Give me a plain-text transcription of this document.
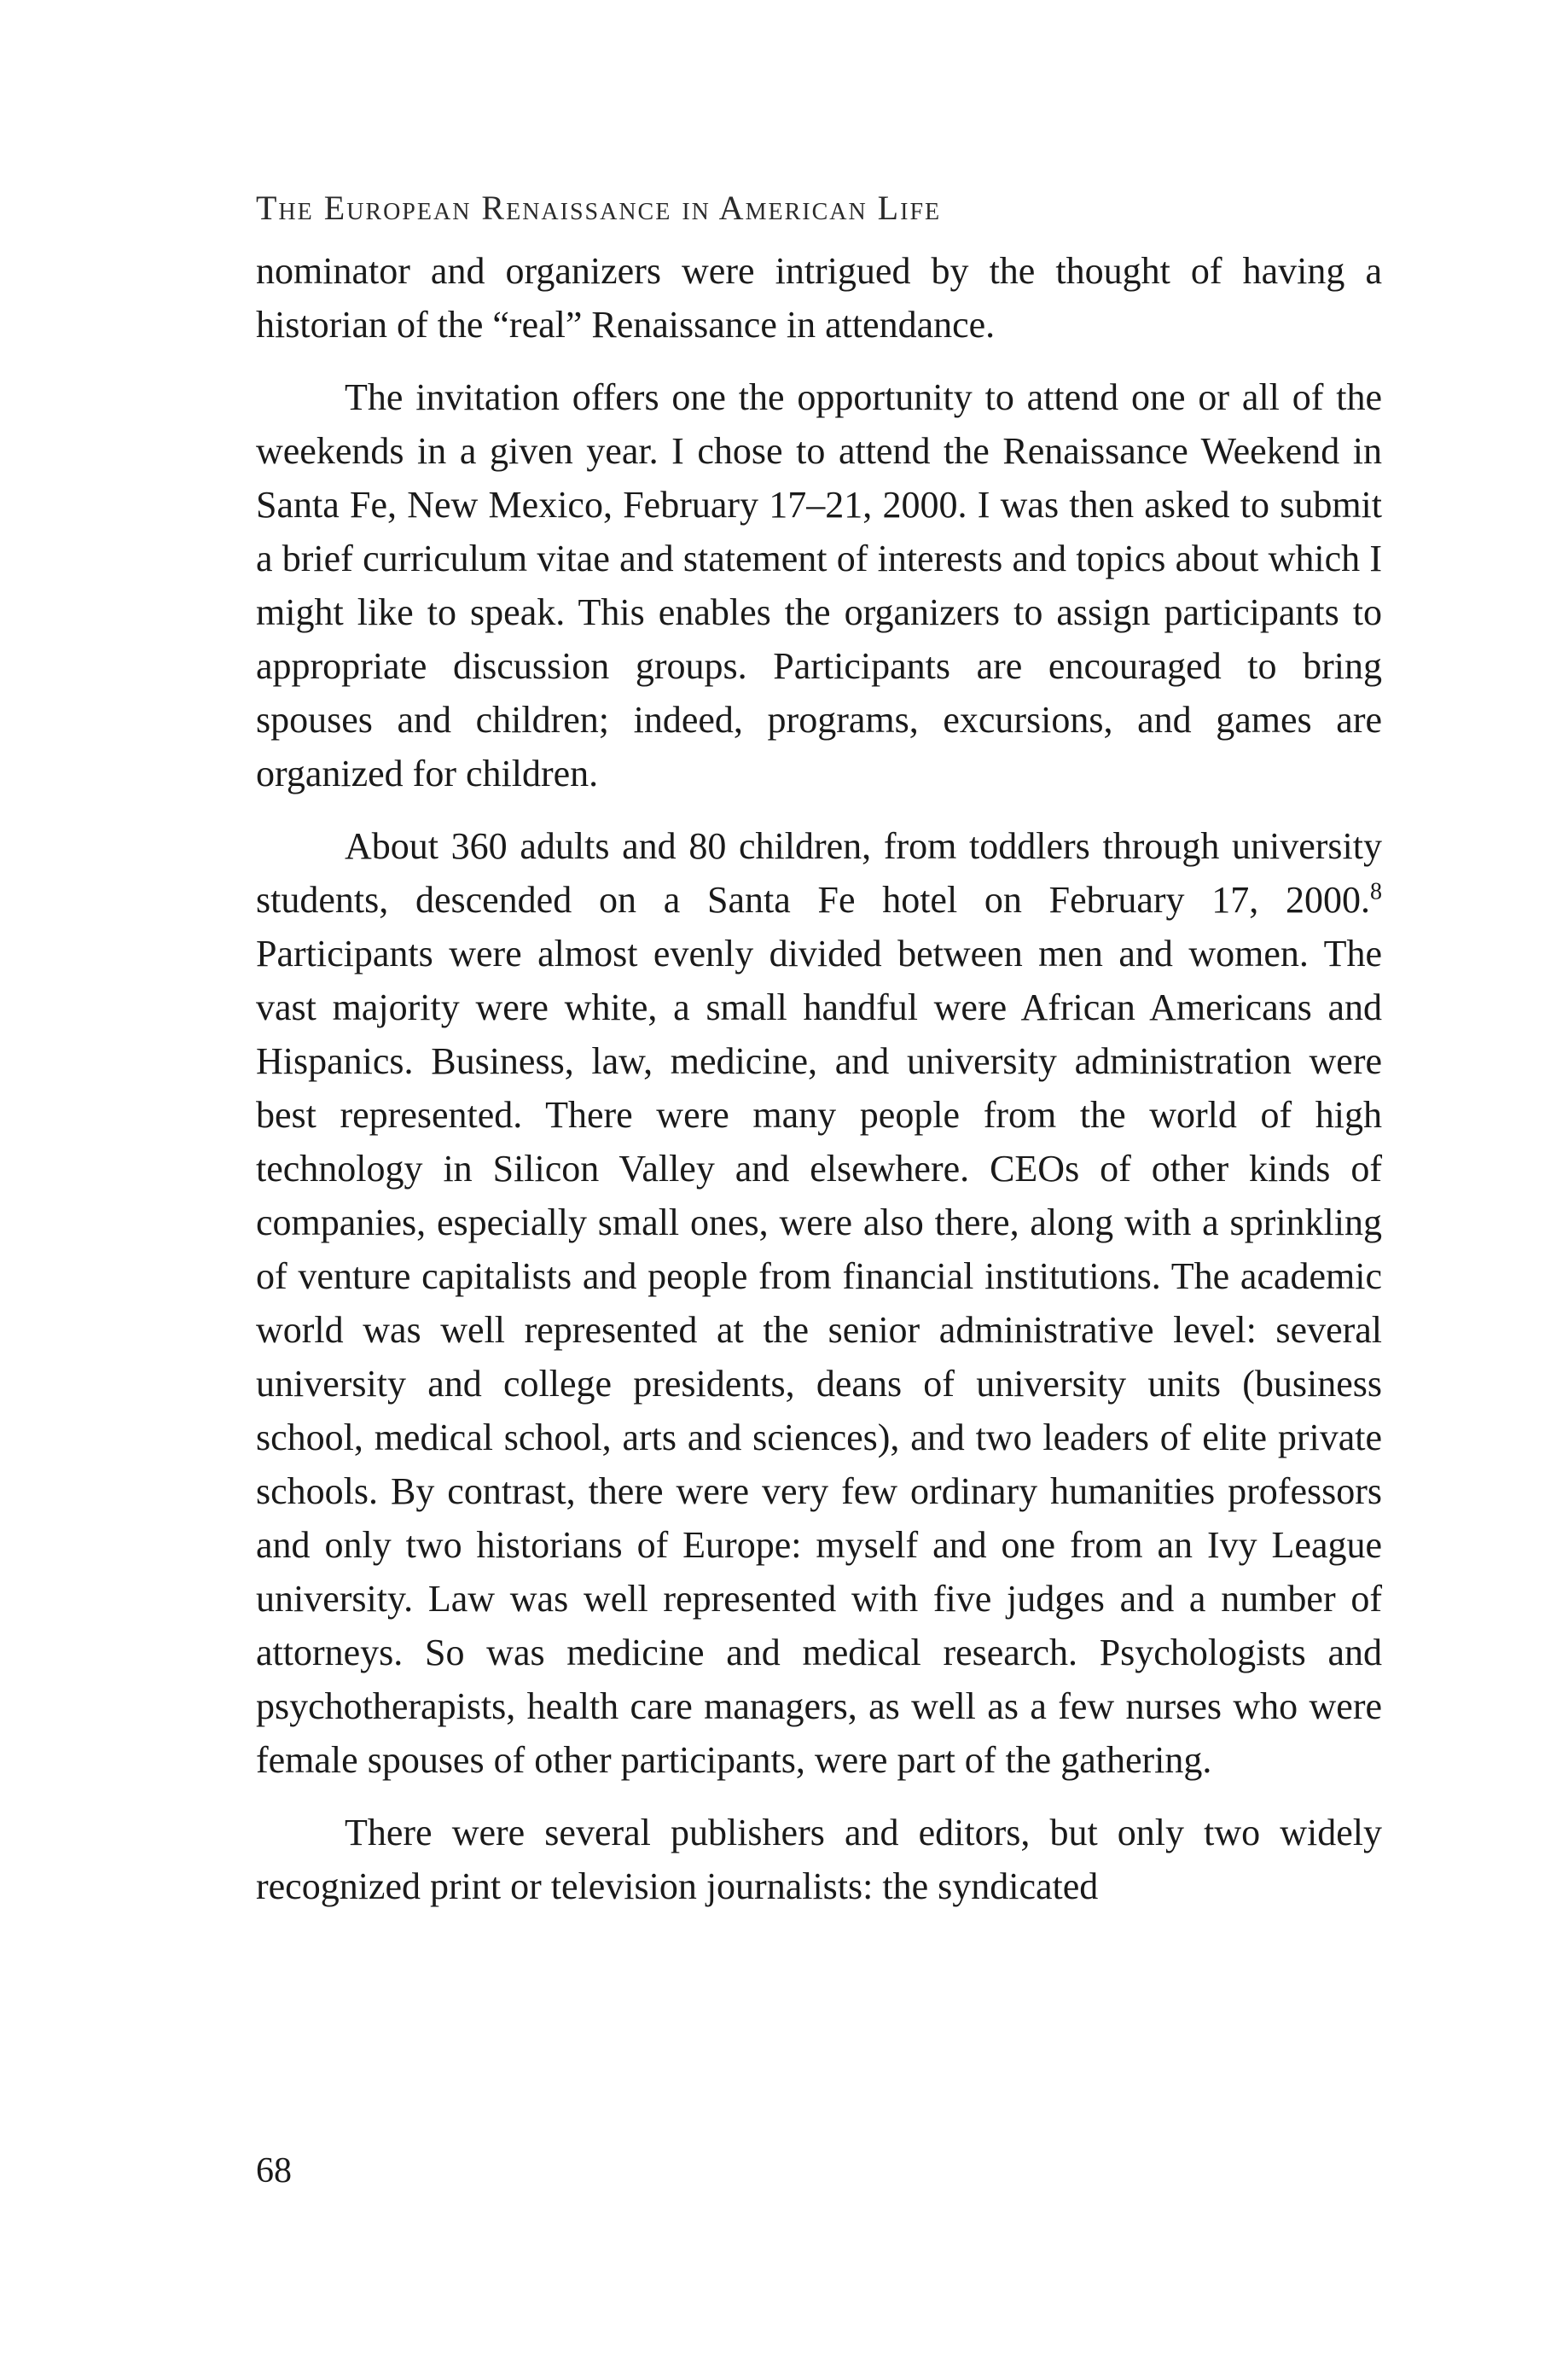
The European Renaissance in American Life

nominator and organizers were intrigued by the thought of having a historian of the “real” Renaissance in attendance.

The invitation offers one the opportunity to attend one or all of the weekends in a given year. I chose to attend the Renaissance Weekend in Santa Fe, New Mexico, February 17–21, 2000. I was then asked to submit a brief curriculum vitae and statement of interests and topics about which I might like to speak. This enables the organizers to assign participants to appropriate discussion groups. Participants are encouraged to bring spouses and children; indeed, programs, excursions, and games are organized for children.

About 360 adults and 80 children, from toddlers through university students, descended on a Santa Fe hotel on February 17, 2000.$^8$ Participants were almost evenly divided between men and women. The vast majority were white, a small handful were African Americans and Hispanics. Business, law, medicine, and university administration were best represented. There were many people from the world of high technology in Silicon Valley and elsewhere. CEOs of other kinds of companies, especially small ones, were also there, along with a sprinkling of venture capitalists and people from financial institutions. The academic world was well represented at the senior administrative level: several university and college presidents, deans of university units (business school, medical school, arts and sciences), and two leaders of elite private schools. By contrast, there were very few ordinary humanities professors and only two historians of Europe: myself and one from an Ivy League university. Law was well represented with five judges and a number of attorneys. So was medicine and medical research. Psychologists and psychotherapists, health care managers, as well as a few nurses who were female spouses of other participants, were part of the gathering.

There were several publishers and editors, but only two widely recognized print or television journalists: the syndicated

68
